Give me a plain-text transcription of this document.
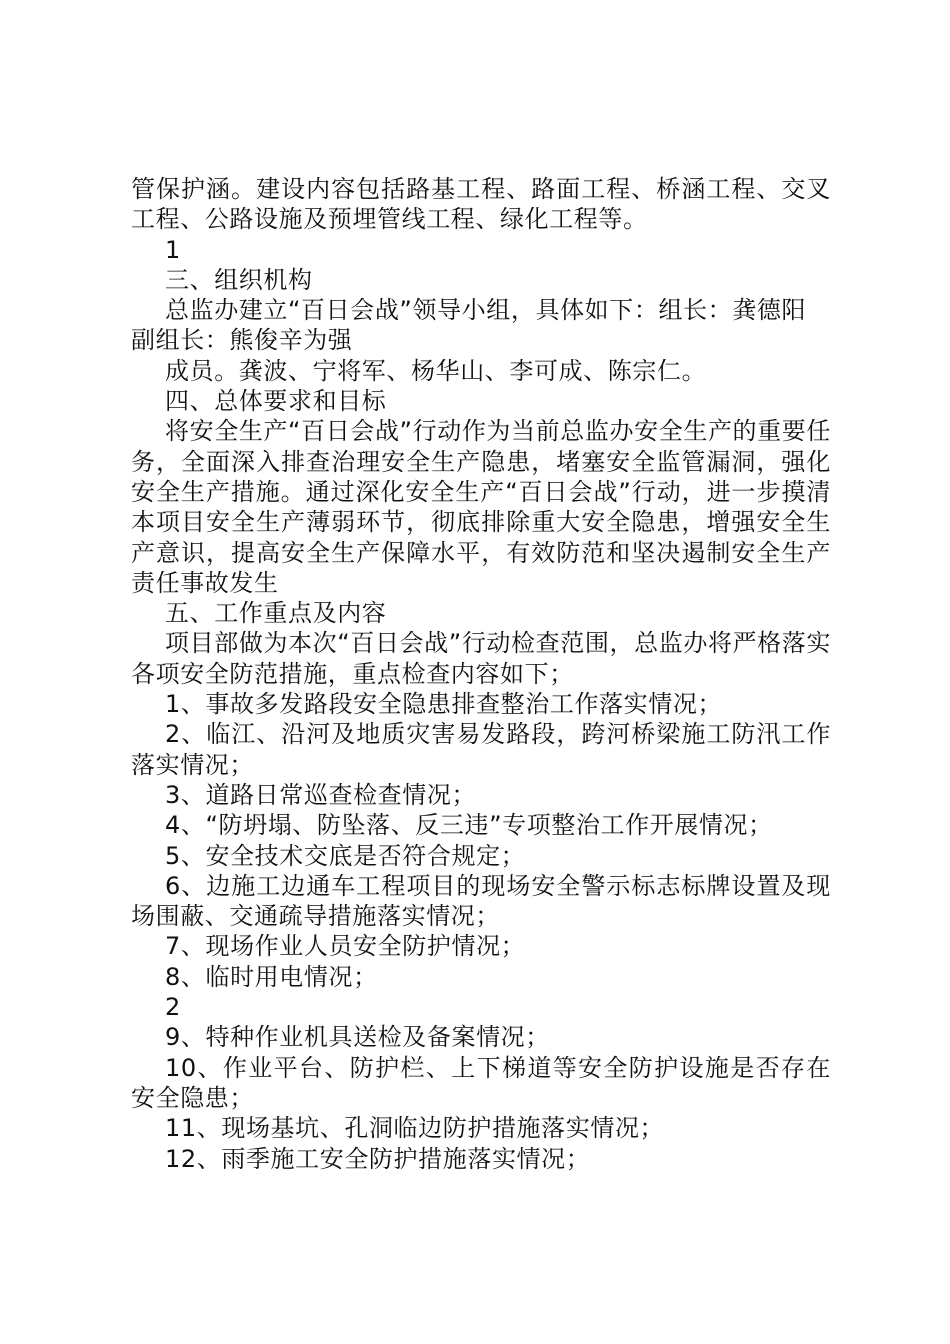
管保护涵。建设内容包括路基工程、路面工程、桥涵工程、交叉工程、公路设施及预埋管线工程、绿化工程等。

1

三、组织机构

总监办建立“百日会战”领导小组，具体如下：组长：龚德阳

副组长：熊俊辛为强

成员。龚波、宁将军、杨华山、李可成、陈宗仁。

四、总体要求和目标

将安全生产“百日会战”行动作为当前总监办安全生产的重要任务，全面深入排查治理安全生产隐患，堵塞安全监管漏洞，强化安全生产措施。通过深化安全生产“百日会战”行动，进一步摸清本项目安全生产薄弱环节，彻底排除重大安全隐患，增强安全生产意识，提高安全生产保障水平，有效防范和坚决遏制安全生产责任事故发生

五、工作重点及内容

项目部做为本次“百日会战”行动检查范围，总监办将严格落实各项安全防范措施，重点检查内容如下；

1、事故多发路段安全隐患排查整治工作落实情况；

2、临江、沿河及地质灾害易发路段，跨河桥梁施工防汛工作落实情况；

3、道路日常巡查检查情况；

4、“防坍塌、防坠落、反三违”专项整治工作开展情况；

5、安全技术交底是否符合规定；

6、边施工边通车工程项目的现场安全警示标志标牌设置及现场围蔽、交通疏导措施落实情况；

7、现场作业人员安全防护情况；

8、临时用电情况；

2

9、特种作业机具送检及备案情况；

10、作业平台、防护栏、上下梯道等安全防护设施是否存在安全隐患；

11、现场基坑、孔洞临边防护措施落实情况；

12、雨季施工安全防护措施落实情况；
